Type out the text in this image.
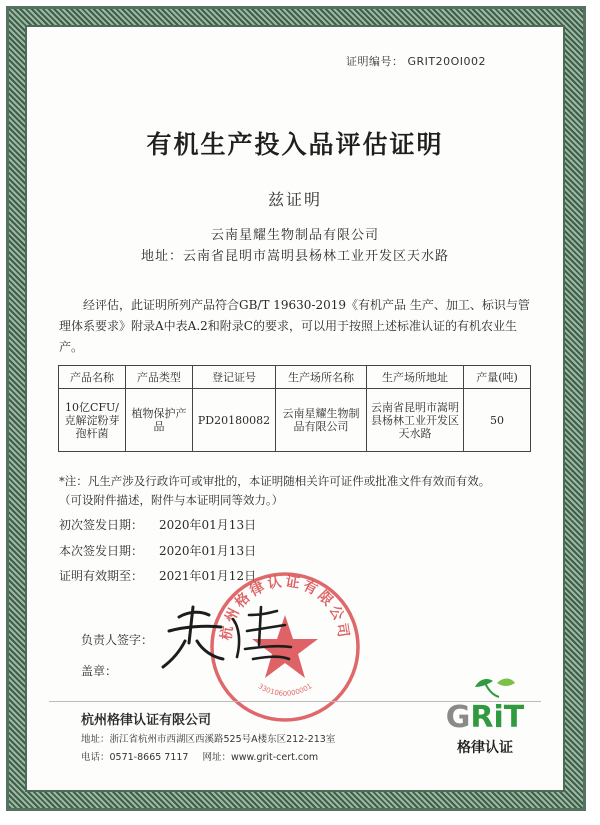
证明编号： GRIT20OI002
有机生产投入品评估证明
兹证明
云南星耀生物制品有限公司
地址：云南省昆明市嵩明县杨林工业开发区天水路
经评估，此证明所列产品符合GB/T 19630-2019《有机产品 生产、加工、标识与管理体系要求》附录A中表A.2和附录C的要求，可以用于按照上述标准认证的有机农业生产。
产品名称	产品类型	登记证号	生产场所名称	生产场所地址	产量(吨)
10亿CFU/克解淀粉芽孢杆菌	植物保护产品	PD20180082	云南星耀生物制品有限公司	云南省昆明市嵩明县杨林工业开发区天水路	50
*注：凡生产涉及行政许可或审批的，本证明随相关许可证件或批准文件有效而有效。
（可设附件描述，附件与本证明同等效力。）
初次签发日期： 2020年01月13日
本次签发日期： 2020年01月13日
证明有效期至： 2021年01月12日
杭州格律认证有限公司
3301060000001
负责人签字：
盖章：
杭州格律认证有限公司
地址：浙江省杭州市西湖区西溪路525号A楼东区212-213室
电话：0571-8665 7117 网址：www.grit-cert.com
GRiT
格律认证
